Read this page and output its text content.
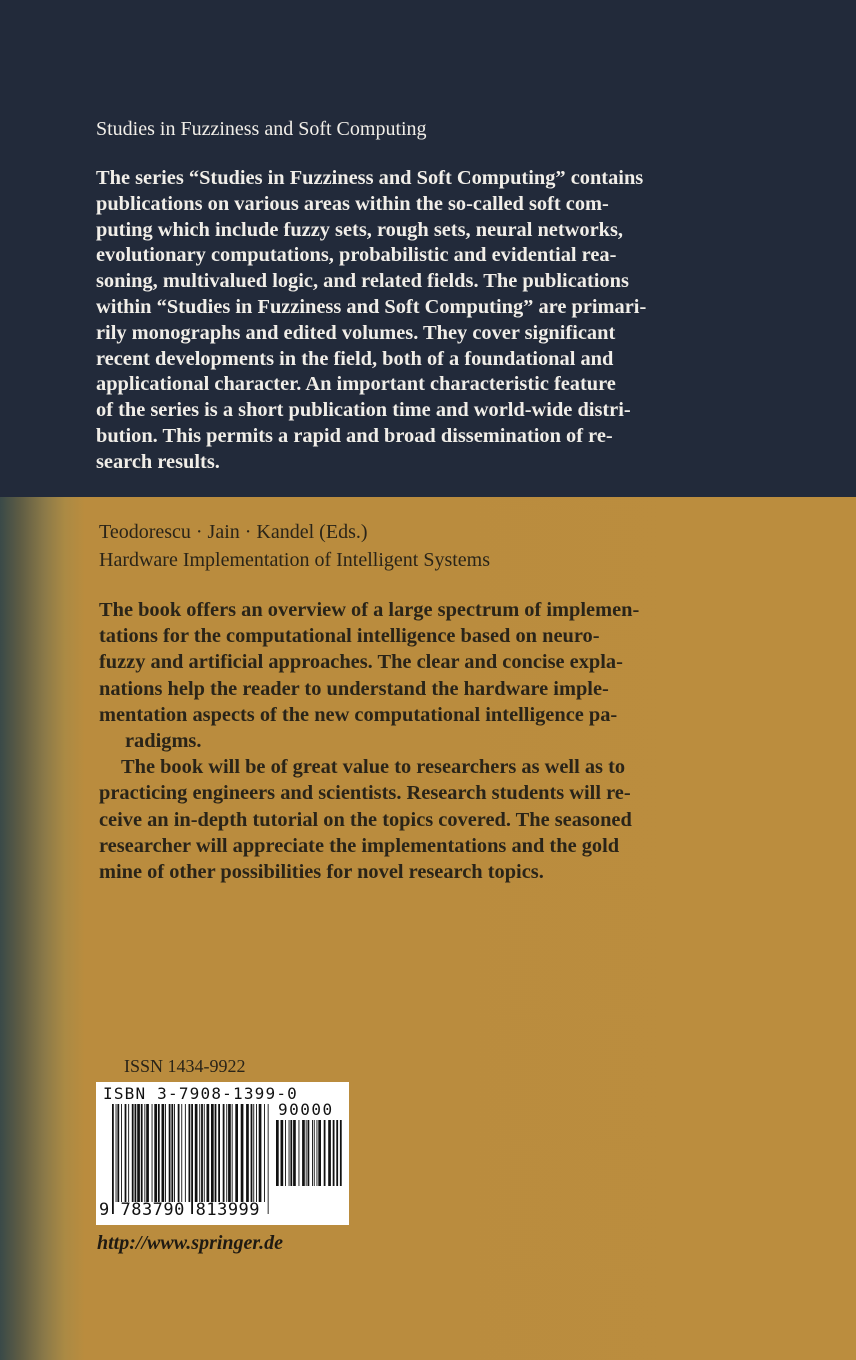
Studies in Fuzziness and Soft Computing
The series “Studies in Fuzziness and Soft Computing” contains
publications on various areas within the so-called soft com-
puting which include fuzzy sets, rough sets, neural networks,
evolutionary computations, probabilistic and evidential rea-
soning, multivalued logic, and related fields. The publications
within “Studies in Fuzziness and Soft Computing” are primari-
rily monographs and edited volumes. They cover significant
recent developments in the field, both of a foundational and
applicational character. An important characteristic feature
of the series is a short publication time and world-wide distri-
bution. This permits a rapid and broad dissemination of re-
search results.
Teodorescu · Jain · Kandel (Eds.)
Hardware Implementation of Intelligent Systems
The book offers an overview of a large spectrum of implemen-
tations for the computational intelligence based on neuro-
fuzzy and artificial approaches. The clear and concise expla-
nations help the reader to understand the hardware imple-
mentation aspects of the new computational intelligence pa-
radigms.
The book will be of great value to researchers as well as to
practicing engineers and scientists. Research students will re-
ceive an in-depth tutorial on the topics covered. The seasoned
researcher will appreciate the implementations and the gold
mine of other possibilities for novel research topics.
ISSN 1434-9922
ISBN 3-7908-1399-0
90000
9 783790 813999
http://www.springer.de
